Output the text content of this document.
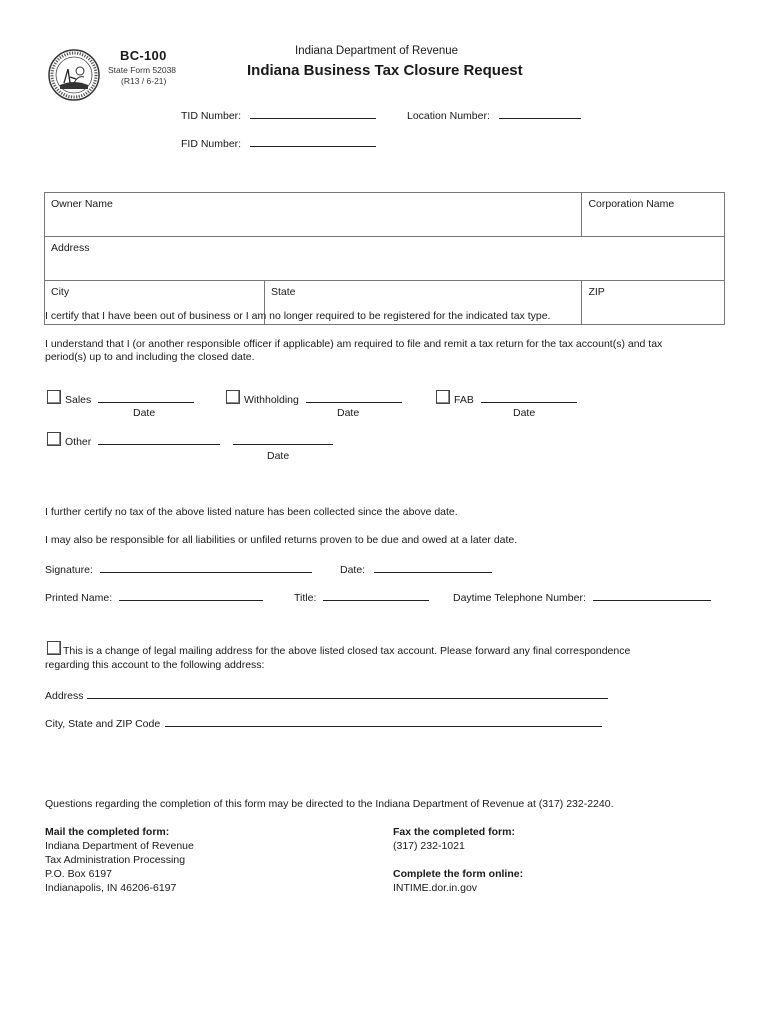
BC-100
State Form 52038
(R13 / 6-21)
Indiana Department of Revenue
Indiana Business Tax Closure Request
TID Number:	Location Number:
FID Number:
Owner Name		Corporation Name
Address		
City	State	ZIP
I certify that I have been out of business or I am no longer required to be registered for the indicated tax type.
I understand that I (or another responsible officer if applicable) am required to file and remit a tax return for the tax account(s) and tax
period(s) up to and including the closed date.
Sales
Date
Withholding
Date
FAB
Date
Other
Date
I further certify no tax of the above listed nature has been collected since the above date.
I may also be responsible for all liabilities or unfiled returns proven to be due and owed at a later date.
Signature:	Date:
Printed Name:	Title:	Daytime Telephone Number:
This is a change of legal mailing address for the above listed closed tax account. Please forward any final correspondence
regarding this account to the following address:
Address
City, State and ZIP Code
Questions regarding the completion of this form may be directed to the Indiana Department of Revenue at (317) 232-2240.
Mail the completed form:
Indiana Department of Revenue
Tax Administration Processing
P.O. Box 6197
Indianapolis, IN 46206-6197
Fax the completed form:
(317) 232-1021
Complete the form online:
INTIME.dor.in.gov
